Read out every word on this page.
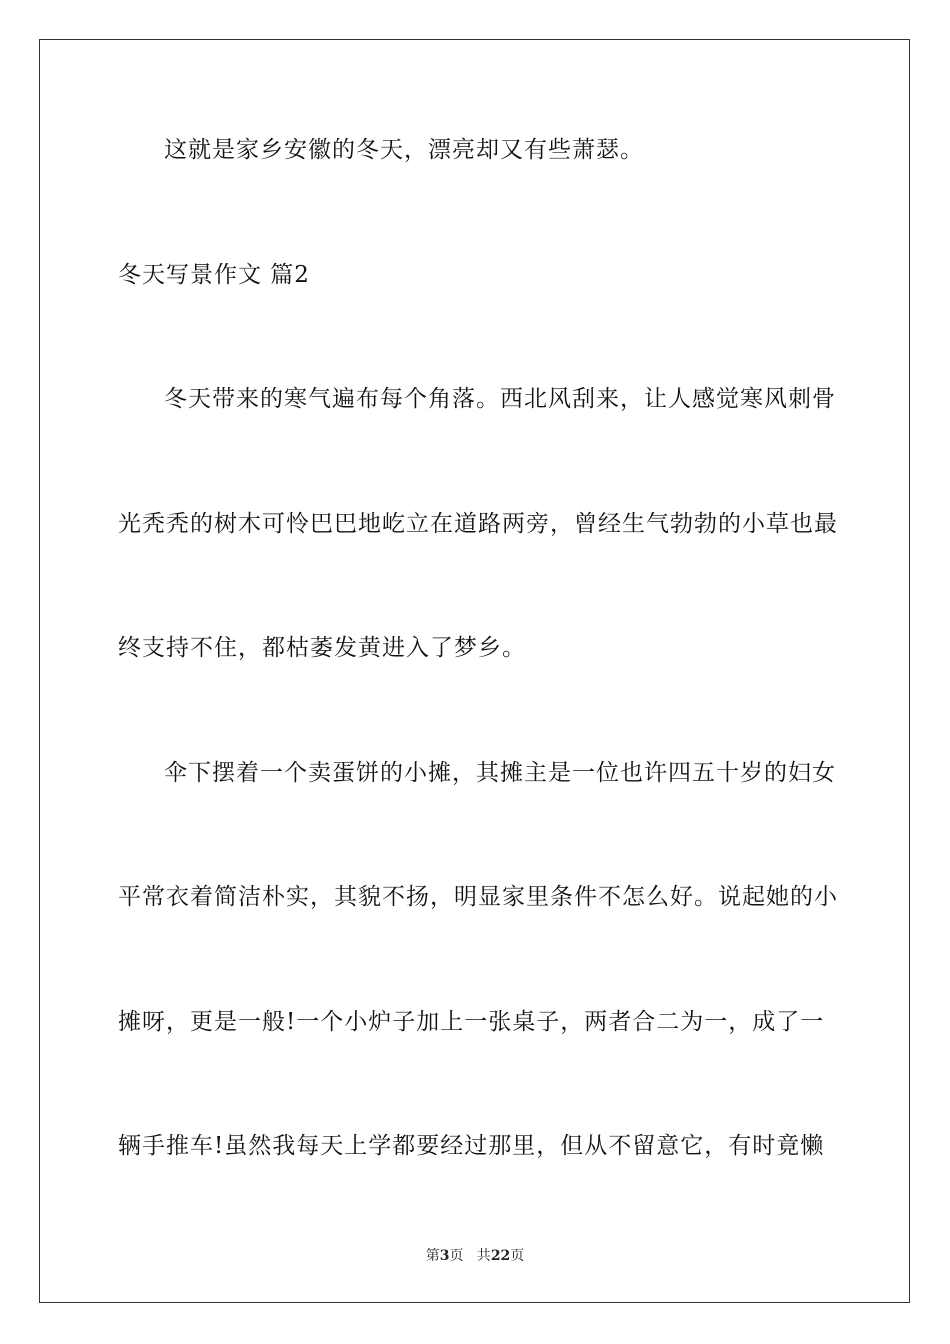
这就是家乡安徽的冬天，漂亮却又有些萧瑟。
冬天写景作文 篇2
冬天带来的寒气遍布每个角落。西北风刮来，让人感觉寒风刺骨
光秃秃的树木可怜巴巴地屹立在道路两旁，曾经生气勃勃的小草也最
终支持不住，都枯萎发黄进入了梦乡。
伞下摆着一个卖蛋饼的小摊，其摊主是一位也许四五十岁的妇女
平常衣着简洁朴实，其貌不扬，明显家里条件不怎么好。说起她的小
摊呀，更是一般!一个小炉子加上一张桌子，两者合二为一，成了一
辆手推车!虽然我每天上学都要经过那里，但从不留意它，有时竟懒
第3页   共22页
